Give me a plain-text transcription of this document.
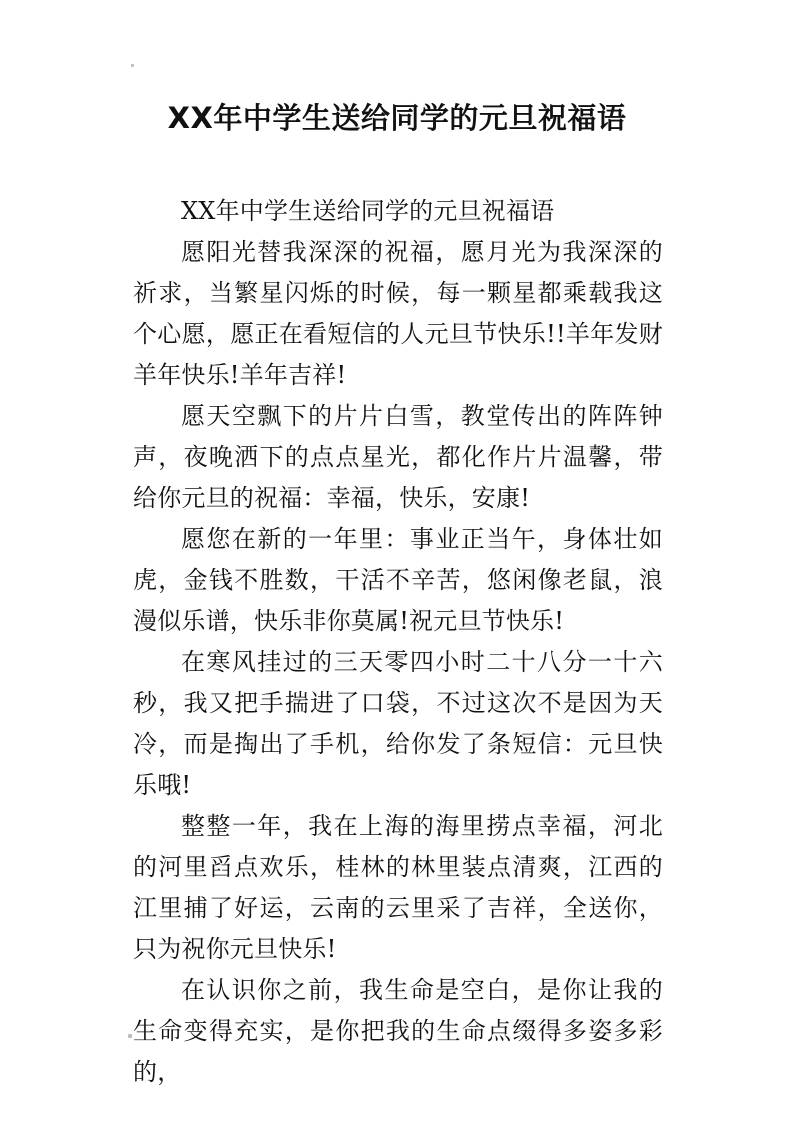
XX年中学生送给同学的元旦祝福语

XX年中学生送给同学的元旦祝福语

愿阳光替我深深的祝福，愿月光为我深深的祈求，当繁星闪烁的时候，每一颗星都乘载我这个心愿，愿正在看短信的人元旦节快乐!!羊年发财羊年快乐!羊年吉祥!

愿天空飘下的片片白雪，教堂传出的阵阵钟声，夜晚洒下的点点星光，都化作片片温馨，带给你元旦的祝福：幸福，快乐，安康!

愿您在新的一年里：事业正当午，身体壮如虎，金钱不胜数，干活不辛苦，悠闲像老鼠，浪漫似乐谱，快乐非你莫属!祝元旦节快乐!

在寒风挂过的三天零四小时二十八分一十六秒，我又把手揣进了口袋，不过这次不是因为天冷，而是掏出了手机，给你发了条短信：元旦快乐哦!

整整一年，我在上海的海里捞点幸福，河北的河里舀点欢乐，桂林的林里装点清爽，江西的江里捕了好运，云南的云里采了吉祥，全送你，只为祝你元旦快乐!

在认识你之前，我生命是空白，是你让我的生命变得充实，是你把我的生命点缀得多姿多彩的，
